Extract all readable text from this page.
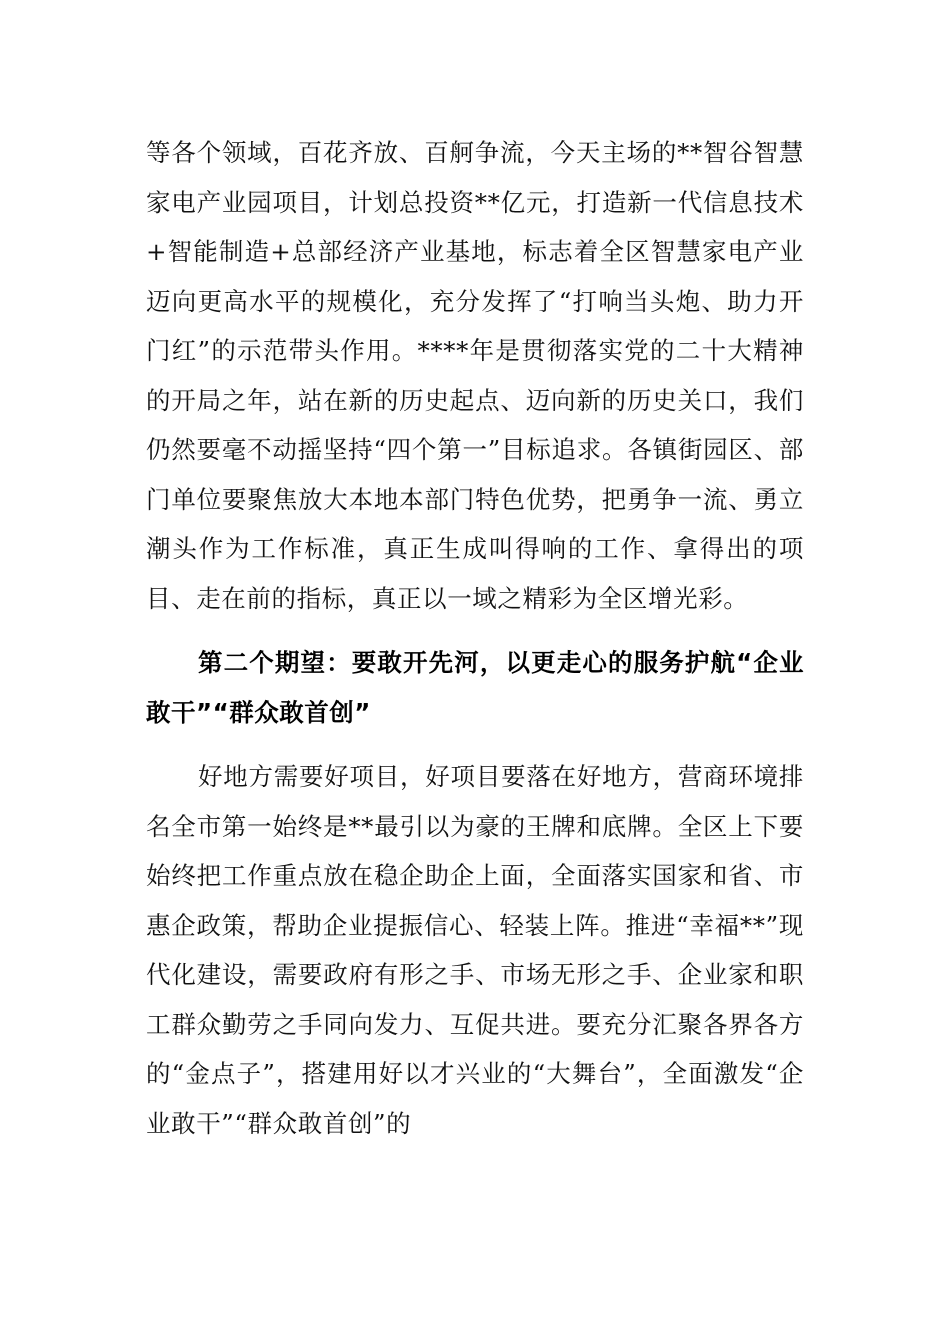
等各个领域，百花齐放、百舸争流，今天主场的**智谷智慧家电产业园项目，计划总投资**亿元，打造新一代信息技术+智能制造+总部经济产业基地，标志着全区智慧家电产业迈向更高水平的规模化，充分发挥了“打响当头炮、助力开门红”的示范带头作用。****年是贯彻落实党的二十大精神的开局之年，站在新的历史起点、迈向新的历史关口，我们仍然要毫不动摇坚持“四个第一”目标追求。各镇街园区、部门单位要聚焦放大本地本部门特色优势，把勇争一流、勇立潮头作为工作标准，真正生成叫得响的工作、拿得出的项目、走在前的指标，真正以一域之精彩为全区增光彩。

第二个期望：要敢开先河，以更走心的服务护航“企业敢干”“群众敢首创”

好地方需要好项目，好项目要落在好地方，营商环境排名全市第一始终是**最引以为豪的王牌和底牌。全区上下要始终把工作重点放在稳企助企上面，全面落实国家和省、市惠企政策，帮助企业提振信心、轻装上阵。推进“幸福**”现代化建设，需要政府有形之手、市场无形之手、企业家和职工群众勤劳之手同向发力、互促共进。要充分汇聚各界各方的“金点子”，搭建用好以才兴业的“大舞台”，全面激发“企业敢干”“群众敢首创”的
